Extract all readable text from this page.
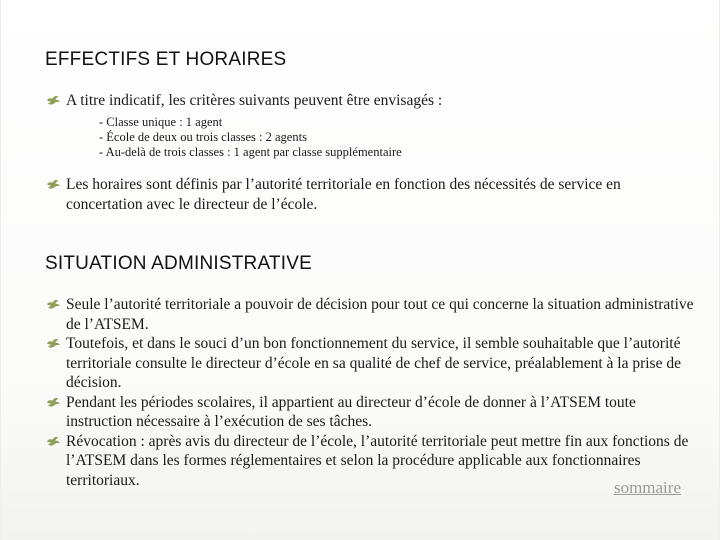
EFFECTIFS ET HORAIRES
A titre indicatif, les critères suivants peuvent être envisagés :
- Classe unique : 1 agent
- École de deux ou trois classes : 2 agents
- Au-delà de trois classes : 1 agent par classe supplémentaire
Les horaires sont définis par l’autorité territoriale en fonction des nécessités de service en concertation avec le directeur de l’école.
SITUATION ADMINISTRATIVE
Seule l’autorité territoriale a pouvoir de décision pour tout ce qui concerne la situation administrative de l’ATSEM.
Toutefois, et dans le souci d’un bon fonctionnement du service, il semble souhaitable que l’autorité territoriale consulte le directeur d’école en sa qualité de chef de service, préalablement à la prise de décision.
Pendant les périodes scolaires, il appartient au directeur d’école de donner à l’ATSEM toute instruction nécessaire à l’exécution de ses tâches.
Révocation : après avis du directeur de l’école, l’autorité territoriale peut mettre fin aux fonctions de l’ATSEM dans les formes réglementaires et selon la procédure applicable aux fonctionnaires territoriaux.	sommaire
